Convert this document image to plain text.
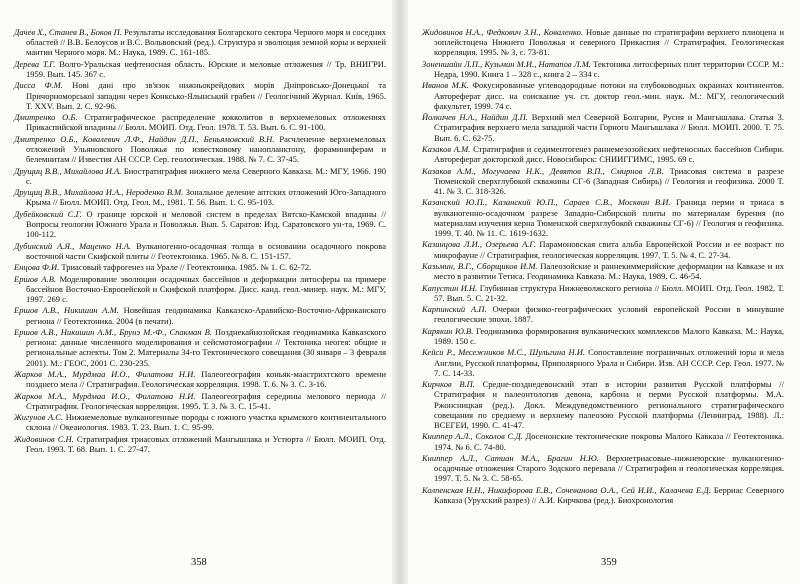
Дачев Х., Станев В., Боков П. Результаты исследования Болгарского сектора Черного моря и соседних областей // В.В. Белоусов и В.С. Вольвовский (ред.). Структура и эволюция земной коры и верхней мантии Черного моря. М.: Наука, 1989. С. 161-185.

Дерева Т.Г. Волго-Уральская нефтеносная область. Юрские и меловые отложения // Тр. ВНИГРИ. 1959. Вып. 145. 367 с.

Дисса Ф.М. Нові дані про зв'язок нижньокрейдових морів Дніпровсько-Донецької та Причорноморської западин через Конксько-Ялынський грабен // Геологічний Журнал. Київ, 1965. Т. XXV. Вып. 2. С. 92-96.

Дмитренко О.Б. Стратиграфическое распределение кокколитов в верхнемеловых отложениях Прикаспийской впадины // Бюлл. МОИП. Отд. Геол. 1978. Т. 53. Вып. 6. С. 91-100.

Дмитренко О.Б., Ковалевич Л.Ф., Найдин Д.П., Беньямовский В.Н. Расчленение верхнемеловых отложений Ульяновского Поволжья по известковому нанопланктону, фораминиферам и белемнитам // Известия АН СССР. Сер. геологическая. 1988. № 7. С. 37-45.

Друщиц В.В., Михайлова И.А. Биостратиграфия нижнего мела Северного Кавказа. М.: МГУ, 1966. 190 с.

Друщиц В.В., Михайлова И.А., Нероденко В.М. Зональное деление аптских отложений Юго-Западного Крыма // Бюлл. МОИП. Отд. Геол. М., 1981. Т. 56. Вып. 1. С. 95-103.

Дубейковский С.Г. О границе юрской и меловой систем в пределах Вятско-Камской впадины // Вопросы геологии Южного Урала и Поволжья. Вып. 5. Саратов: Изд. Саратовского ун-та, 1969. С. 100-112.

Дубинский А.Я., Маценко Н.А. Вулканогенно-осадочная толща в основании осадочного покрова восточной части Скифской плиты // Геотектоника. 1965. № 8. С. 151-157.

Енцова Ф.И. Триасовый тафрогенез на Урале // Геотектоника. 1985. № 1. С. 62-72.

Ершов А.В. Моделирование эволюции осадочных бассейнов и деформации литосферы на примере бассейнов Восточно-Европейской и Скифской платформ. Дисс. канд. геол.-минер. наук. М.: МГУ, 1997. 269 с.

Ершов А.В., Никишин А.М. Новейшая геодинамика Кавказско-Аравийско-Восточно-Африканского региона // Геотектоника. 2004 (в печати).

Ершов А.В., Никишин А.М., Брунэ М.-Ф., Спакман В. Позднекайнозойская геодинамика Кавказского региона: данные численного моделирования и сейсмотомографии // Тектоника неогея: общие и региональные аспекты. Том 2. Материалы 34-го Тектонического совещания (30 января – 3 февраля 2001). М.: ГЕОС, 2001 С. 230-235.

Жарков М.А., Мурдмаа И.О., Филатова Н.И. Палеогеография коньяк-маастрихтского времени позднего мела // Стратиграфия. Геологическая корреляция. 1998. Т. 6. № 3. С. 3-16.

Жарков М.А., Мурдмаа И.О., Филатова Н.И. Палеогеография середины мелового периода // Стратиграфия. Геологическая корреляция. 1995. Т. 3. № 3. С. 15-41.

Жигунов А.С. Нижнемеловые вулканогенные породы с южного участка крымского континентального склона // Океанология. 1983. Т. 23. Вып. 1. С. 95-99.

Жидовинов С.Н. Стратиграфия триасовых отложений Мангышлака и Устюрта // Бюлл. МОИП. Отд. Геол. 1993. Т. 68. Вып. 1. С. 27-47.

358

Жидовинов Н.А., Федкович З.Н., Коваленко. Новые данные по стратиграфии верхнего плиоцена и эоплейстоцена Нижнего Поволжья и северного Прикаспия // Стратиграфия. Геологическая корреляция. 1995. № 3, с. 73-81.

Зоненшайн Л.П., Кузьмин М.И., Натапов Л.М. Тектоника литосферных плит территории СССР. М.: Недра, 1990. Книга 1 – 328 с., книга 2 – 334 с.

Иванов М.К. Фокусированные углеводородные потоки на глубоководных окраинах континентов. Автореферат дисс. на соискание уч. ст. доктор геол.-мин. наук. М.: МГУ, геологический факультет, 1999. 74 с.

Йолкичев Н.А., Найдин Д.П. Верхний мел Северной Болгарии, Русия и Мангышлака. Статья 3. Стратиграфия верхнего мела западной части Горного Мангышлака // Бюлл. МОИП. 2000. Т. 75. Вып. 6. С. 62-75.

Казаков А.М. Стратиграфия и седиментогенез раннемезозойских нефтеносных бассейнов Сибири. Автореферат докторской дисс. Новосибирск: СНИИГГИМС, 1995. 69 с.

Казаков А.М., Могучаева Н.К., Девятов В.П., Смирнов Л.В. Триасовая система в разрезе Тюменской сверхглубокой скважины СГ-6 (Западная Сибирь) // Геология и геофизика. 2000 Т. 41. № 3. С. 318-326.

Казанский Ю.П., Казанский Ю.П., Сараев С.В., Москвин В.И. Граница перми и триаса в вулканогенно-осадочном разрезе Западно-Сибирской плиты по материалам бурения (по материалам изучения керна Тюменской сверхглубокой скважины СГ-6) // Геология и геофизика. 1999. Т. 40. № 11. С. 1619-1632.

Казинцова Л.И., Озерьева А.Г. Парамоновская свита альба Европейской России и ее возраст по микрофауне // Стратиграфия, геологическая корреляция. 1997. Т. 5. № 4. С. 27-34.

Казьмин, В.Г., Сборщиков И.М. Палеозойские и раннекиммерийские деформации на Кавказе и их место в развитии Тетиса. Геодинамика Кавказа. М.: Наука, 1989. С. 46-54.

Капустин И.Н. Глубинная структура Нижневолжского региона // Бюлл. МОИП. Отд. Геол. 1982. Т. 57. Вып. 5. С. 21-32.

Карпинский А.П. Очерки физико-географических условий европейской России в минувшие геологические эпохи. 1887.

Карякин Ю.В. Геодинамика формирования вулканических комплексов Малого Кавказа. М.: Наука, 1989. 150 с.

Кейси Р., Месежников М.С., Шульгина Н.И. Сопоставление пограничных отложений юры и мела Англии, Русской платформы, Приполярного Урала и Сибири. Изв. АН СССР. Сер. Геол. 1977. № 7. С. 14-33.

Кирчков В.П. Средне-позднедевонский этап в истории развития Русской платформы // Стратиграфия и палеонтология девона, карбона и перми Русской платформы. М.А. Ржонсницкая (ред.). Докл. Междуведомственного регионального стратиграфического совещания по среднему и верхнему палеозою Русской платформы (Ленинград, 1988). Л.: ВСЕГЕИ, 1990. С. 41-47.

Книппер А.Л., Соколов С.Д. Дoсенонские тектонические покровы Малого Кавказа // Геотектоника. 1974. № 6. С. 74-80.

Книппер А.Л., Сатиан М.А., Брагин Н.Ю. Верхнетриасовые–нижнеюрские вулканогенно-осадочные отложения Старого Зодского перевала // Стратиграфия и геологическая корреляция. 1997. Т. 5. № 3. С. 58-65.

Колпенская Н.Н., Никифорова Е.В., Сочеванова О.А., Сей И.И., Калачева Е.Д. Берриас Северного Кавказа (Урухский разрез) // А.И. Кирчкова (ред.). Биохронология

359
